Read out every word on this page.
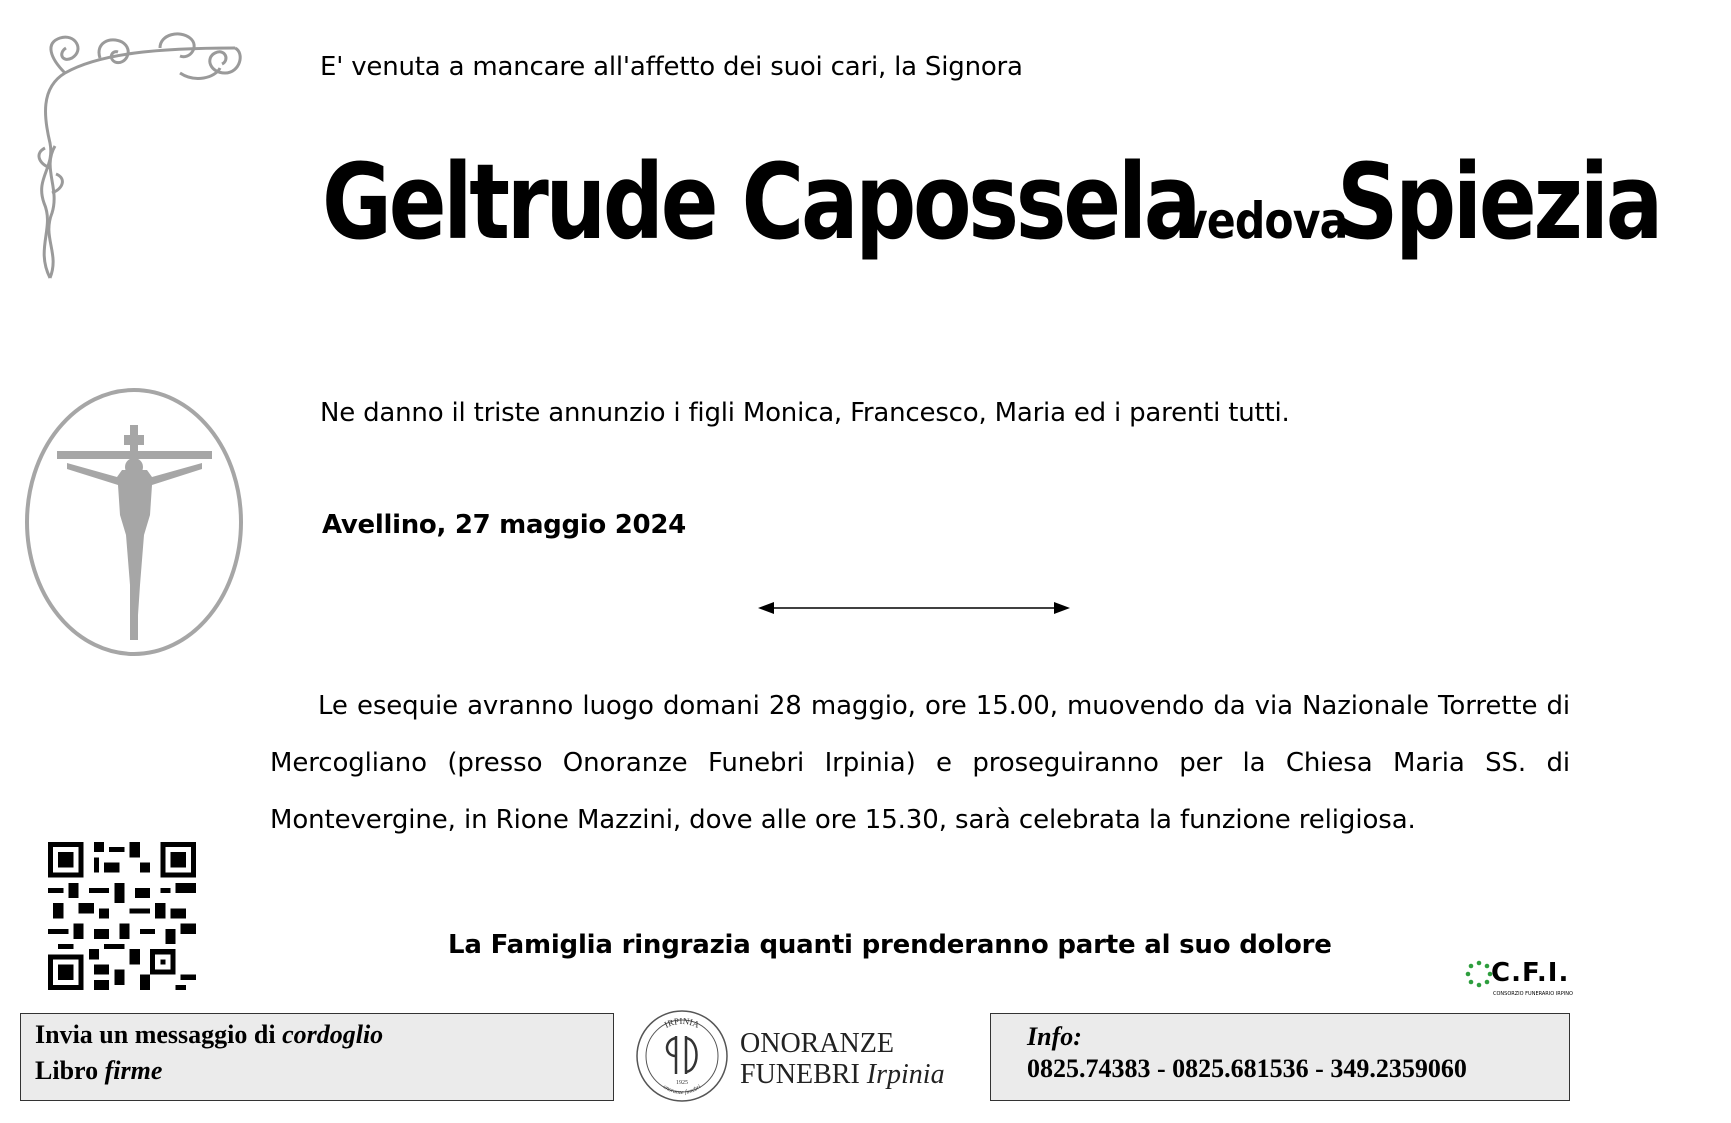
E' venuta a mancare all'affetto dei suoi cari, la Signora
Geltrude CaposselavedovaSpiezia
Ne danno il triste annunzio i figli Monica, Francesco, Maria ed i parenti tutti.
Avellino, 27 maggio 2024
Le esequie avranno luogo domani 28 maggio, ore 15.00, muovendo da via Nazionale Torrette di Mercogliano (presso Onoranze Funebri Irpinia) e proseguiranno per la Chiesa Maria SS. di Montevergine, in Rione Mazzini, dove alle ore 15.30, sarà celebrata la funzione religiosa.
La Famiglia ringrazia quanti prenderanno parte al suo dolore
C.F.I.
CONSORZIO FUNERARIO IRPINO
Invia un messaggio di cordoglio
Libro firme
IRPINIA
onoranze funebri
1925
ONORANZE
FUNEBRI Irpinia
Info:
0825.74383 - 0825.681536 - 349.2359060
